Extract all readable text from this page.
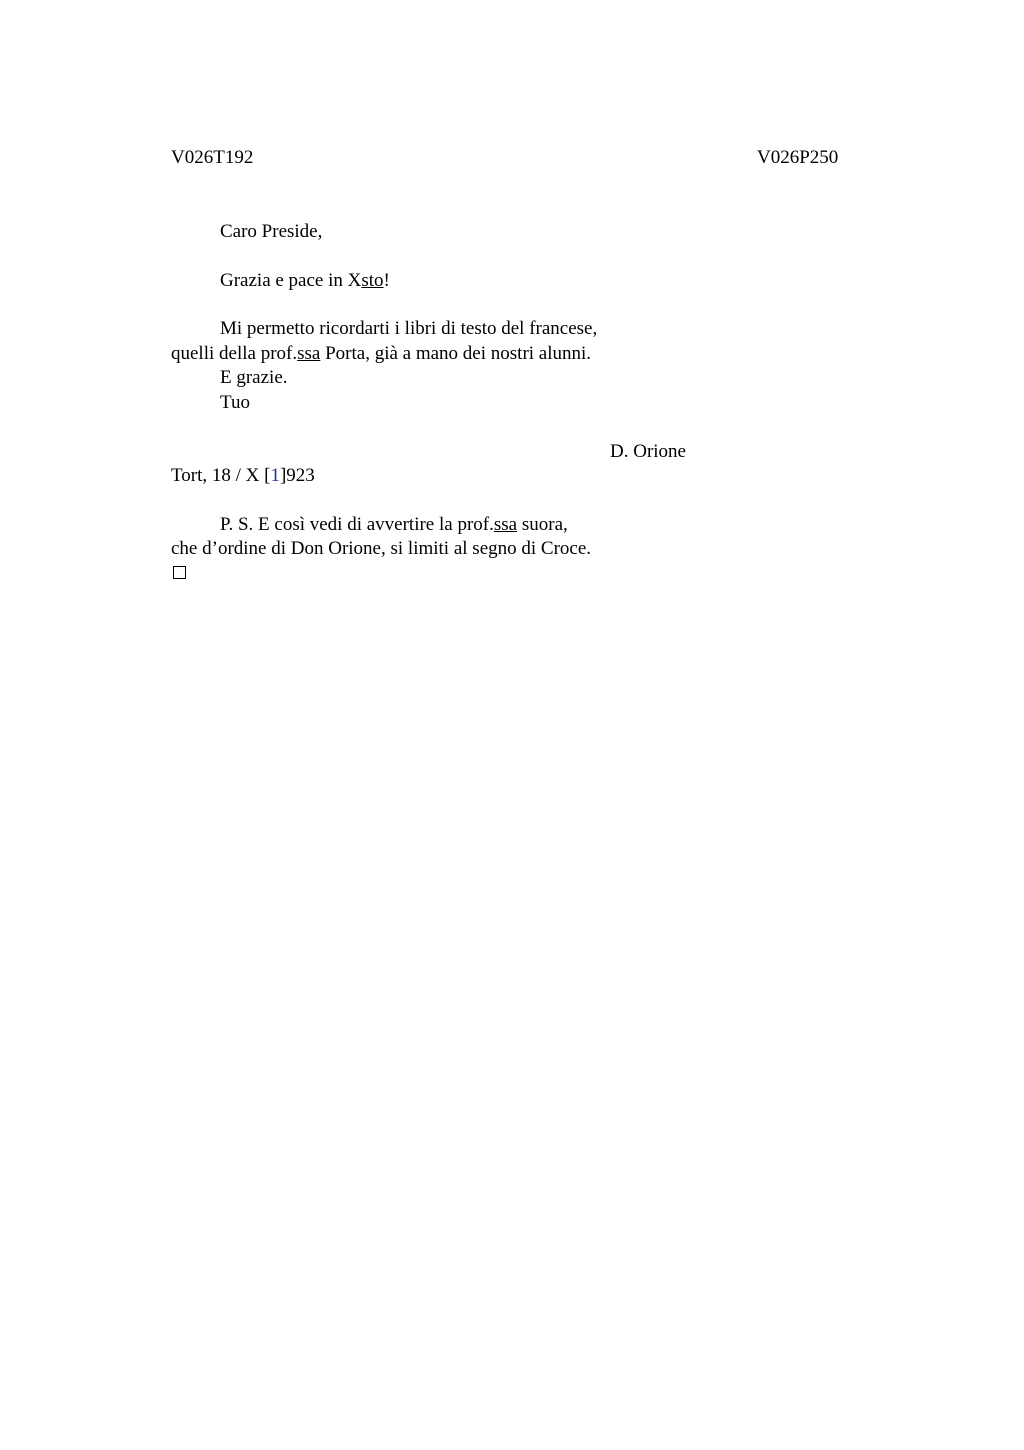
V026T192	V026P250
Caro Preside,
Grazia e pace in Xsto!
Mi permetto ricordarti i libri di testo del francese,
quelli della prof.ssa Porta, già a mano dei nostri alunni.
E grazie.
Tuo
D. Orione
Tort, 18 / X [1]923
P. S. E così vedi di avvertire la prof.ssa suora,
che d’ordine di Don Orione, si limiti al segno di Croce.
